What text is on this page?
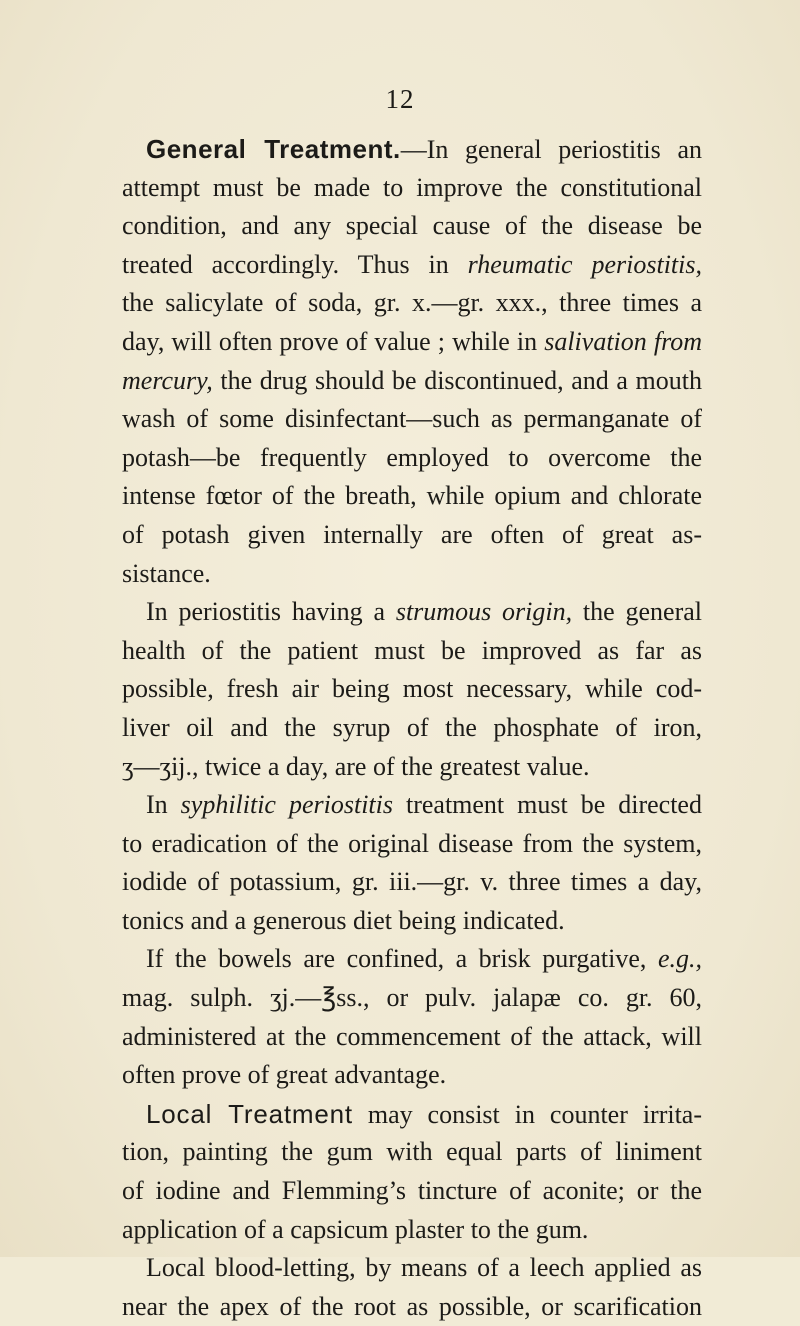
12
General Treatment.—In general periostitis an
attempt must be made to improve the constitutional
condition, and any special cause of the disease be
treated accordingly. Thus in rheumatic periostitis,
the salicylate of soda, gr. x.—gr. xxx., three times a
day, will often prove of value ; while in salivation from
mercury, the drug should be discontinued, and a mouth
wash of some disinfectant—such as permanganate of
potash—be frequently employed to overcome the
intense fœtor of the breath, while opium and chlorate
of potash given internally are often of great as-
sistance.
In periostitis having a strumous origin, the general
health of the patient must be improved as far as
possible, fresh air being most necessary, while cod-
liver oil and the syrup of the phosphate of iron,
ʒ—ʒij., twice a day, are of the greatest value.
In syphilitic periostitis treatment must be directed
to eradication of the original disease from the system,
iodide of potassium, gr. iii.—gr. v. three times a day,
tonics and a generous diet being indicated.
If the bowels are confined, a brisk purgative, e.g.,
mag. sulph. ʒj.—℥ss., or pulv. jalapæ co. gr. 60,
administered at the commencement of the attack, will
often prove of great advantage.
Local Treatment may consist in counter irrita-
tion, painting the gum with equal parts of liniment
of iodine and Flemming’s tincture of aconite; or the
application of a capsicum plaster to the gum.
Local blood-letting, by means of a leech applied as
near the apex of the root as possible, or scarification
